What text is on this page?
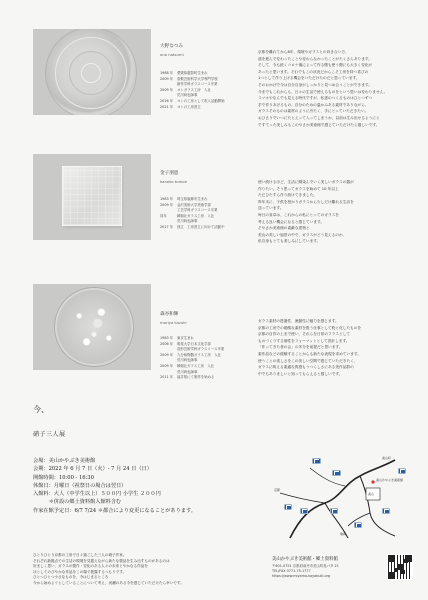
大野なつみ
ono natsumi
1988 年	愛媛県越智町生まれ
2009 年	倉敷芸術科学大学専門学校
創作学科ガラスコース卒業
2009 年	ヨシガラス工房　入社
荒川尚也師事
2016 年	ヨシの工房として吹入活動開始
2021 年	ヨシの工房設立
京都を離れてから6年、環境やガラスとの向き合い方、
道を進んで変わったことや変わらなかったことがたくさんあります。
そして、今も続くコロナ禍によって作る側も使う側にも大きく変化が
あったと思います。それでもこの状況だからこそ工房を持つ喜びの
1つとして作り上げる機会をいただけたのだと思っています。
そのおかげで今は自分自身がしっかりと見つめ合うことができます。
今までもこれからも、日々の生活で使えるものをという思いは変わりません。
スマホやなんでも見える時代ですが、私達のつくるものはひとつずつ
手で作りあげるもの。自分のための温かみある素材でありながら、
ガラスそのものは素材のように冷たく、手にとっていただきたい。
おひさりでいつにたとえって入ってしまうか、以前は生み出せるようにと
ですてった美しみもこのやさか美術館で感じていただけたら嬉しいです。
金子朋恵
kaneko tomoe
1983 年	埼玉県嵐郷市生まれ
2009 年	金沢美術大学美術学部
工芸学科ガラスコース卒業
同年	韓朝社ガラス工房　入社
荒川尚也師事
2017 年	独立　工房設立に向けて活動中
使い続けるほど、生活に馴染んでいく美しいガラスの器が
作りたい。そう思ってガラスを始めて 10 年以上
ただひたすら作り続けてきました。
昨年末に、子供を授かりガラスから少しだけ離れる生活を
送っています。
毎日の食卓は、これからの私にとってのガラスを
考える良い機会になると感じています。
そやさか美術館の素敵な建物と
美山の美しい風景の中で、ガラスがどう見えるのか、
私自身もとても楽しみにしています。
森谷和輝
moriya kazuki
1983 年	東京生まれ
2006 年	明星大学日本文化学部
造形芸術学科ガラスコース卒業
2009 年	九分和陶器ガラス工房　入社
荒川尚也師事
2009 年	韓朝社ガラス工房　入社
荒川尚也師事
2011 年	福井県にて制作を始める
ガラス素材の透過性、流動性に魅力を感じます。
京都の工房での硝酸な素材を扱う仕事として粉と化したものを
京都の自作の上まで使い、それらを日常のフラスとして
ものづくりする個性をフォーマットとして設計します。
「作ってきた者の会」の多分を前提だと思います。
素作品などの経験することからも新たな表現を求めています。
使うことの楽しさをこの美しい空間で感じていただきたく、
ガラスに映える素適な質感もうつくしさにある美作品群の
中でもありましいと知ってもらえると嬉しいです。
今、
硝子三人展
会場：美山かやぶき美術館
会期：2022 年 6 月 7 日（火）- 7 月 24 日（日）
開館時間：10:00 - 16:30
休館日：月曜日（祝祭日の場合は翌日）
入館料：大人（中学生以上）５００円 小学生 ２００円
　　　＊併設の郷土資料館入館料含む
作家在館予定日：6/7 7/24 ＊都合により変更になることがあります。
ひとりひとり京都の工房で日々過ごした三人の硝子作家。
それぞれ新拠点での生活の環境を見据えながら新たな製品を生み出すものがあるのは
好ましく思い、ガラスの製作・変化のある人々の未来とやかなる作品を
ほとしてのびやかな作品をこの場で披露するつもりです。
ひとつひとつ小さなものを、今はじまるところ
今から始めようとしていることについて考え、河瀬のある今を感じていただけたら幸いです。
京都
美山町
美山
美山かやぶき美術館
亀岡
美山かやぶき美術館・郷土資料館
〒601-0751 京都府南丹市美山町島パタ 21
TEL/FAX 0771-75-1777
https://www.miyama-kayabuki.org
